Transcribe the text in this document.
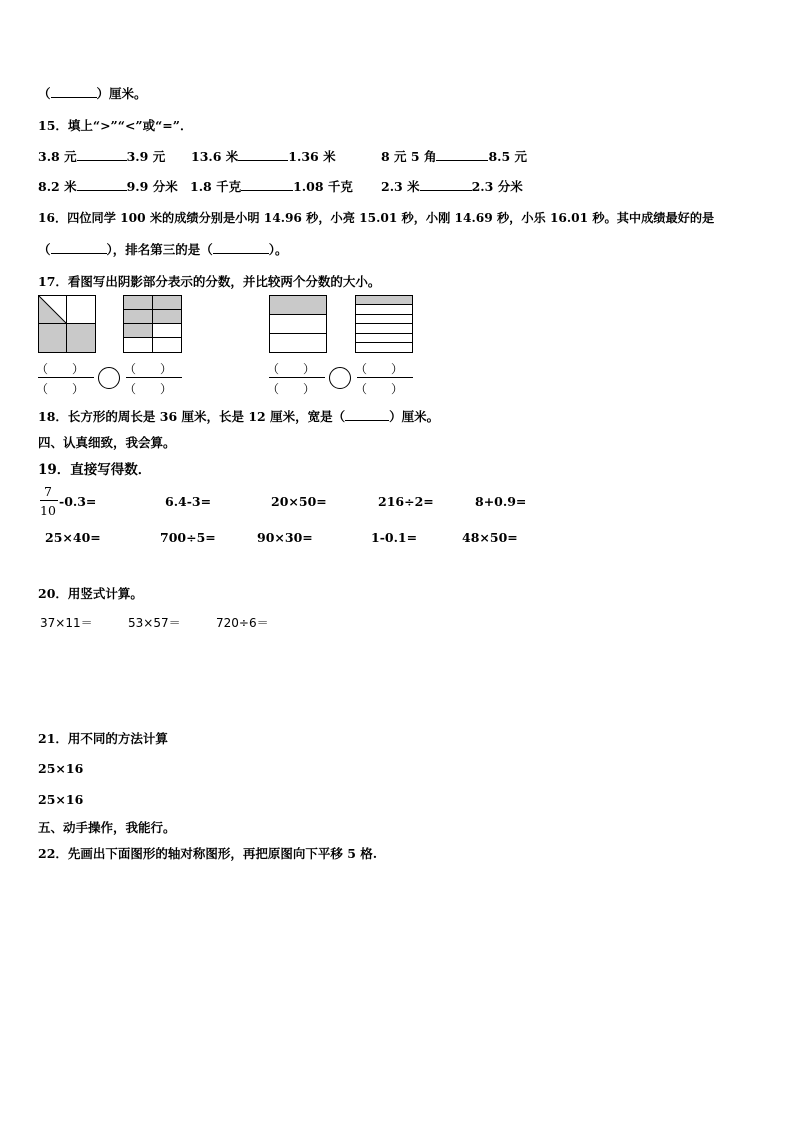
（	）厘米。
15．填上“>”“<”或“=”．
3.8 元	3.9 元 13.6 米	1.36 米	8 元 5 角	8.5 元
8.2 米	9.9 分米 1.8 千克	1.08 千克 2.3 米	2.3 分米
16．四位同学 100 米的成绩分别是小明 14.96 秒，小亮 15.01 秒，小刚 14.69 秒，小乐 16.01 秒。其中成绩最好的是
（	），排名第三的是（	）。
17．看图写出阴影部分表示的分数，并比较两个分数的大小。
（　　）
（　　）
（　　）
（　　）
（　　）
（　　）
（　　）
（　　）
18．长方形的周长是 36 厘米，长是 12 厘米，宽是（	）厘米。
四、认真细致，我会算。
19．直接写得数．
7
10
-0.3=	6.4-3=	20×50=	216÷2=	8+0.9=
25×40=	700÷5=	90×30=	1-0.1=	48×50=
20．用竖式计算。
37×11＝	53×57＝	720÷6＝
21．用不同的方法计算
25×16
25×16
五、动手操作，我能行。
22．先画出下面图形的轴对称图形，再把原图向下平移 5 格.
